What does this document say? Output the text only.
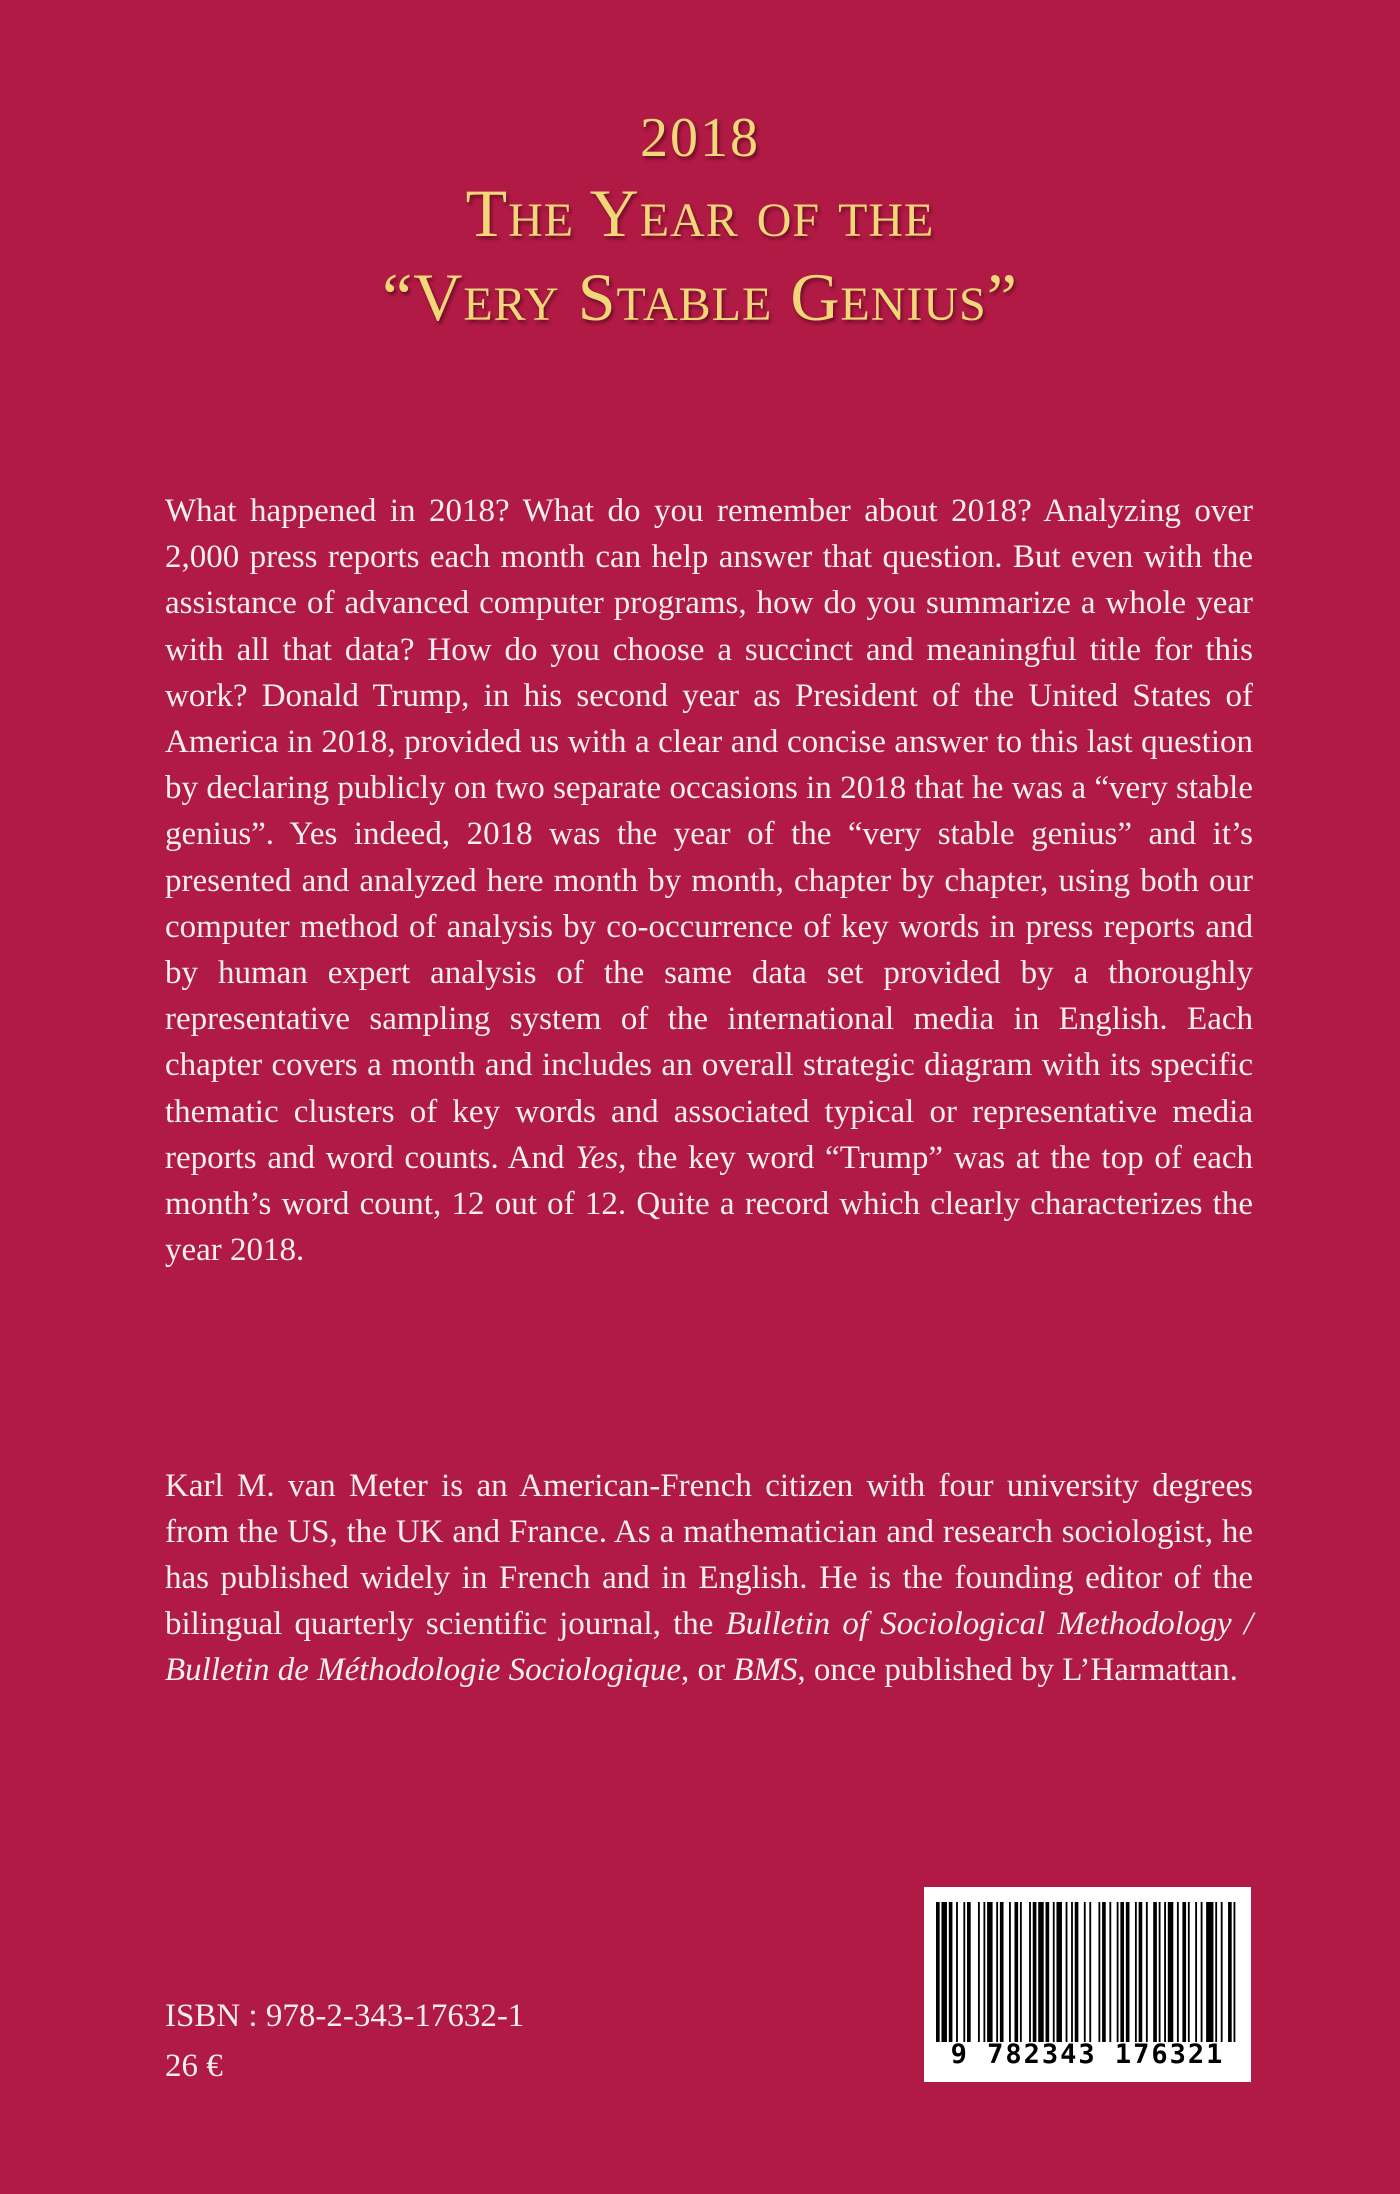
2018
The Year of the
“Very Stable Genius”

What happened in 2018? What do you remember about 2018? Analyzing over 2,000 press reports each month can help answer that question. But even with the assistance of advanced computer programs, how do you summarize a whole year with all that data? How do you choose a succinct and meaningful title for this work? Donald Trump, in his second year as President of the United States of America in 2018, provided us with a clear and concise answer to this last question by declaring publicly on two separate occasions in 2018 that he was a “very stable genius”. Yes indeed, 2018 was the year of the “very stable genius” and it’s presented and analyzed here month by month, chapter by chapter, using both our computer method of analysis by co-occurrence of key words in press reports and by human expert analysis of the same data set provided by a thoroughly representative sampling system of the international media in English. Each chapter covers a month and includes an overall strategic diagram with its specific thematic clusters of key words and associated typical or representative media reports and word counts. And Yes, the key word “Trump” was at the top of each month’s word count, 12 out of 12. Quite a record which clearly characterizes the year 2018.

Karl M. van Meter is an American-French citizen with four university degrees from the US, the UK and France. As a mathematician and research sociologist, he has published widely in French and in English. He is the founding editor of the bilingual quarterly scientific journal, the Bulletin of Sociological Methodology / Bulletin de Méthodologie Sociologique, or BMS, once published by L’Harmattan.

ISBN : 978-2-343-17632-1
26 €	9 782343 176321
